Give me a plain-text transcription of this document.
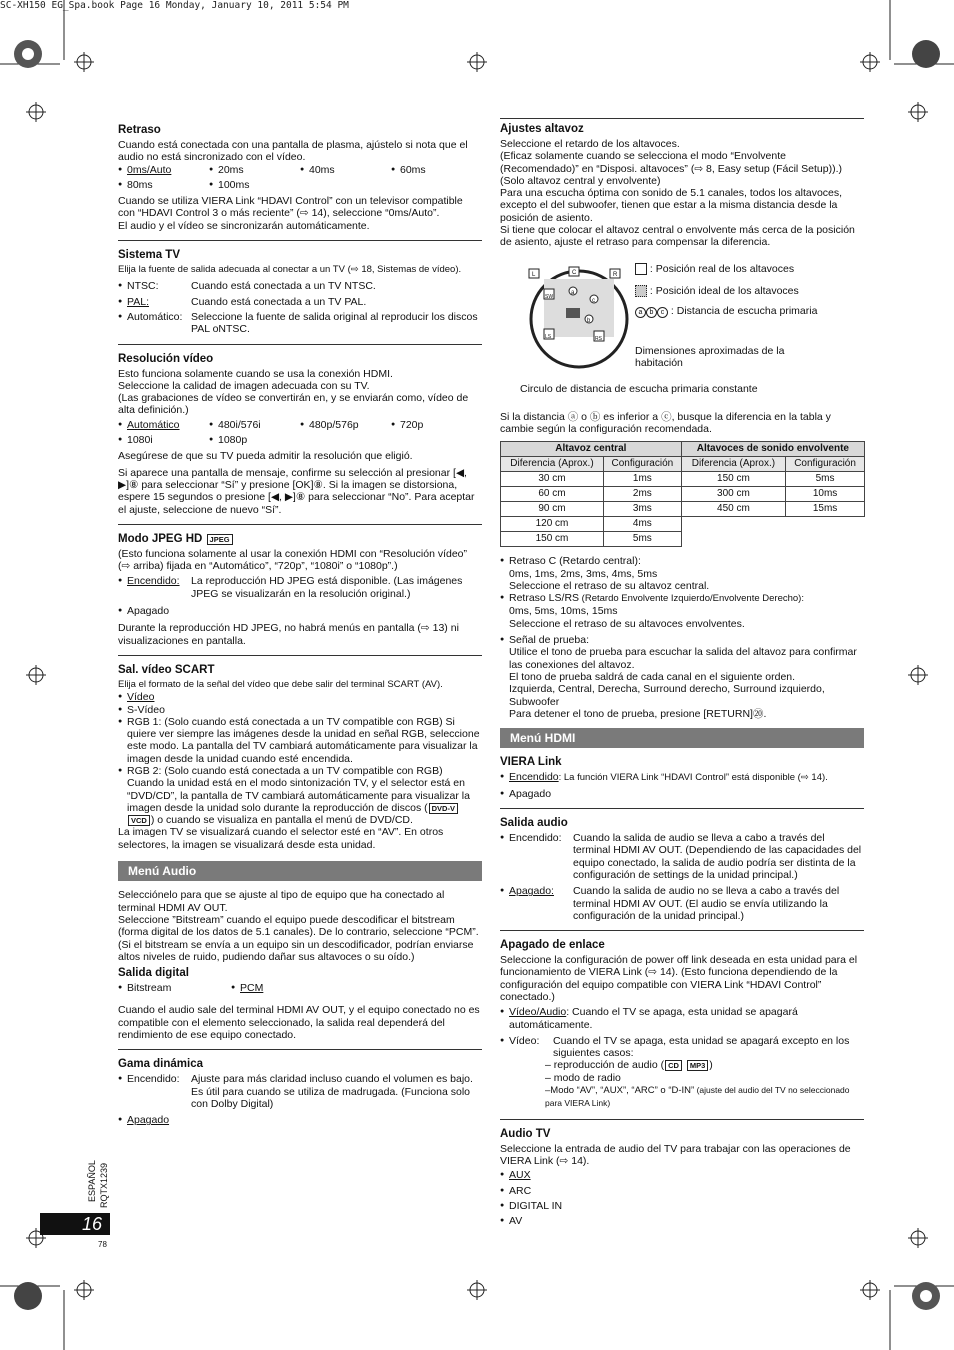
SC-XH150 EG_Spa.book Page 16 Monday, January 10, 2011 5:54 PM
Retraso

Cuando está conectada con una pantalla de plasma, ajústelo si nota que el audio no está sincronizado con el vídeo.

● 0ms/Auto	● 20ms	● 40ms	● 60ms
● 80ms	● 100ms

Cuando se utiliza VIERA Link “HDAVI Control” con un televisor compatible con “HDAVI Control 3 o más reciente” (⇨ 14), seleccione “0ms/Auto”.

El audio y el vídeo se sincronizarán automáticamente.

Sistema TV

Elija la fuente de salida adecuada al conectar a un TV (⇨ 18, Sistemas de vídeo).

● NTSC:	Cuando está conectada a un TV NTSC.
● PAL:	Cuando está conectada a un TV PAL.
● Automático: Seleccione la fuente de salida original al reproducir los discos PAL oNTSC.
Resolución vídeo

Esto funciona solamente cuando se usa la conexión HDMI.

Seleccione la calidad de imagen adecuada con su TV.

(Las grabaciones de vídeo se convertirán en, y se enviarán como, vídeo de alta definición.)

● Automático	● 480i/576i	● 480p/576p	● 720p
● 1080i	● 1080p

Asegúrese de que su TV pueda admitir la resolución que eligió.

Si aparece una pantalla de mensaje, confirme su selección al presionar [◀, ▶]⑧ para seleccionar “Sí” y presione [OK]⑧. Si la imagen se distorsiona, espere 15 segundos o presione [◀, ▶]⑧ para seleccionar “No”. Para aceptar el ajuste, seleccione de nuevo “Sí”.

Modo JPEG HD JPEG

(Esto funciona solamente al usar la conexión HDMI con “Resolución vídeo” (⇨ arriba) fijada en “Automático”, “720p”, “1080i” o “1080p”.)

● Encendido:	La reproducción HD JPEG está disponible. (Las imágenes JPEG se visualizarán en la resolución original.)

● Apagado

Durante la reproducción HD JPEG, no habrá menús en pantalla (⇨ 13) ni visualizaciones en pantalla.

Sal. vídeo SCART

Elija el formato de la señal del vídeo que debe salir del terminal SCART (AV).

● Vídeo

● S-Vídeo

● RGB 1: (Solo cuando está conectada a un TV compatible con RGB) Si quiere ver siempre las imágenes desde la unidad en señal RGB, seleccione este modo. La pantalla del TV cambiará automáticamente para visualizar la imagen desde la unidad cuando esté encendida.

● RGB 2: (Solo cuando está conectada a un TV compatible con RGB) Cuando la unidad está en el modo sintonización TV, y el selector está en “DVD/CD”, la pantalla de TV cambiará automáticamente para visualizar la imagen desde la unidad solo durante la reproducción de discos ( DVD-V VCD ) o cuando se visualiza en pantalla el menú de DVD/CD.

La imagen TV se visualizará cuando el selector esté en “AV”. En otros selectores, la imagen se visualizará desde esta unidad.

Menú Audio

Selecciónelo para que se ajuste al tipo de equipo que ha conectado al terminal HDMI AV OUT.

Seleccione ”Bitstream” cuando el equipo puede descodificar el bitstream (forma digital de los datos de 5.1 canales). De lo contrario, seleccione “PCM”.

(Si el bitstream se envía a un equipo sin un descodificador, podrían enviarse altos niveles de ruido, pudiendo dañar sus altavoces o su oído.)

Salida digital
● Bitstream	● PCM

Cuando el audio sale del terminal HDMI AV OUT, y el equipo conectado no es compatible con el elemento seleccionado, la salida real dependerá del rendimiento de ese equipo conectado.

Gama dinámica
● Encendido:	Ajuste para más claridad incluso cuando el volumen es bajo. Es útil para cuando se utiliza de madrugada. (Funciona solo con Dolby Digital)

● Apagado

Ajustes altavoz

Seleccione el retardo de los altavoces.

(Eficaz solamente cuando se selecciona el modo “Envolvente (Recomendado)” en “Disposi. altavoces” (⇨ 8, Easy setup (Fácil Setup)).)

(Solo altavoz central y envolvente)

Para una escucha óptima con sonido de 5.1 canales, todos los altavoces, excepto el del subwoofer, tienen que estar a la misma distancia desde la posición de asiento.

Si tiene que colocar el altavoz central o envolvente más cerca de la posición de asiento, ajuste el retraso para compensar la diferencia.

L	C	R
SW
LS	RS
a
c
b
: Posición real de los altavoces
: Posición ideal de los altavoces
a b c : Distancia de escucha primaria
Dimensiones aproximadas de la habitación
Circulo de distancia de escucha primaria constante

Si la distancia ⓐ o ⓑ es inferior a ⓒ, busque la diferencia en la tabla y cambie según la configuración recomendada.

Altavoz central		Altavoces de sonido envolvente	
Diferencia (Aprox.)	Configuración	Diferencia (Aprox.)	Configuración
30 cm	1ms	150 cm	5ms
60 cm	2ms	300 cm	10ms
90 cm	3ms	450 cm	15ms
120 cm	4ms		
150 cm	5ms		

● Retraso C (Retardo central):

0ms, 1ms, 2ms, 3ms, 4ms, 5ms

Seleccione el retraso de su altavoz central.

● Retraso LS/RS (Retardo Envolvente Izquierdo/Envolvente Derecho):

0ms, 5ms, 10ms, 15ms

Seleccione el retraso de su altavoces envolventes.

● Señal de prueba:

Utilice el tono de prueba para escuchar la salida del altavoz para confirmar las conexiones del altavoz.

El tono de prueba saldrá de cada canal en el siguiente orden.

Izquierda, Central, Derecha, Surround derecho, Surround izquierdo, Subwoofer

Para detener el tono de prueba, presione [RETURN]⑳.

Menú HDMI
VIERA Link

● Encendido: La función VIERA Link “HDAVI Control” está disponible (⇨ 14).

● Apagado

Salida audio
● Encendido:	Cuando la salida de audio se lleva a cabo a través del terminal HDMI AV OUT. (Dependiendo de las capacidades del equipo conectado, la salida de audio podría ser distinta de la configuración de settings de la unidad principal.)
● Apagado:	Cuando la salida de audio no se lleva a cabo a través del terminal HDMI AV OUT. (El audio se envía utilizando la configuración de la unidad principal.)
Apagado de enlace

Seleccione la configuración de power off link deseada en esta unidad para el funcionamiento de VIERA Link (⇨ 14). (Esto funciona dependiendo de la configuración del equipo compatible con VIERA Link “HDAVI Control” conectado.)

● Vídeo/Audio: Cuando el TV se apaga, esta unidad se apagará automáticamente.

● Vídeo:	Cuando el TV se apaga, esta unidad se apagará excepto en los siguientes casos:

– reproducción de audio ( CD MP3 )

– modo de radio

–Modo “AV”, “AUX”, “ARC” o “D-IN” (ajuste del audio del TV no seleccionado para VIERA Link)

Audio TV

Seleccione la entrada de audio del TV para trabajar con las operaciones de VIERA Link (⇨ 14).

● AUX

● ARC

● DIGITAL IN

● AV

ESPAÑOL RQTX1239
16
78
